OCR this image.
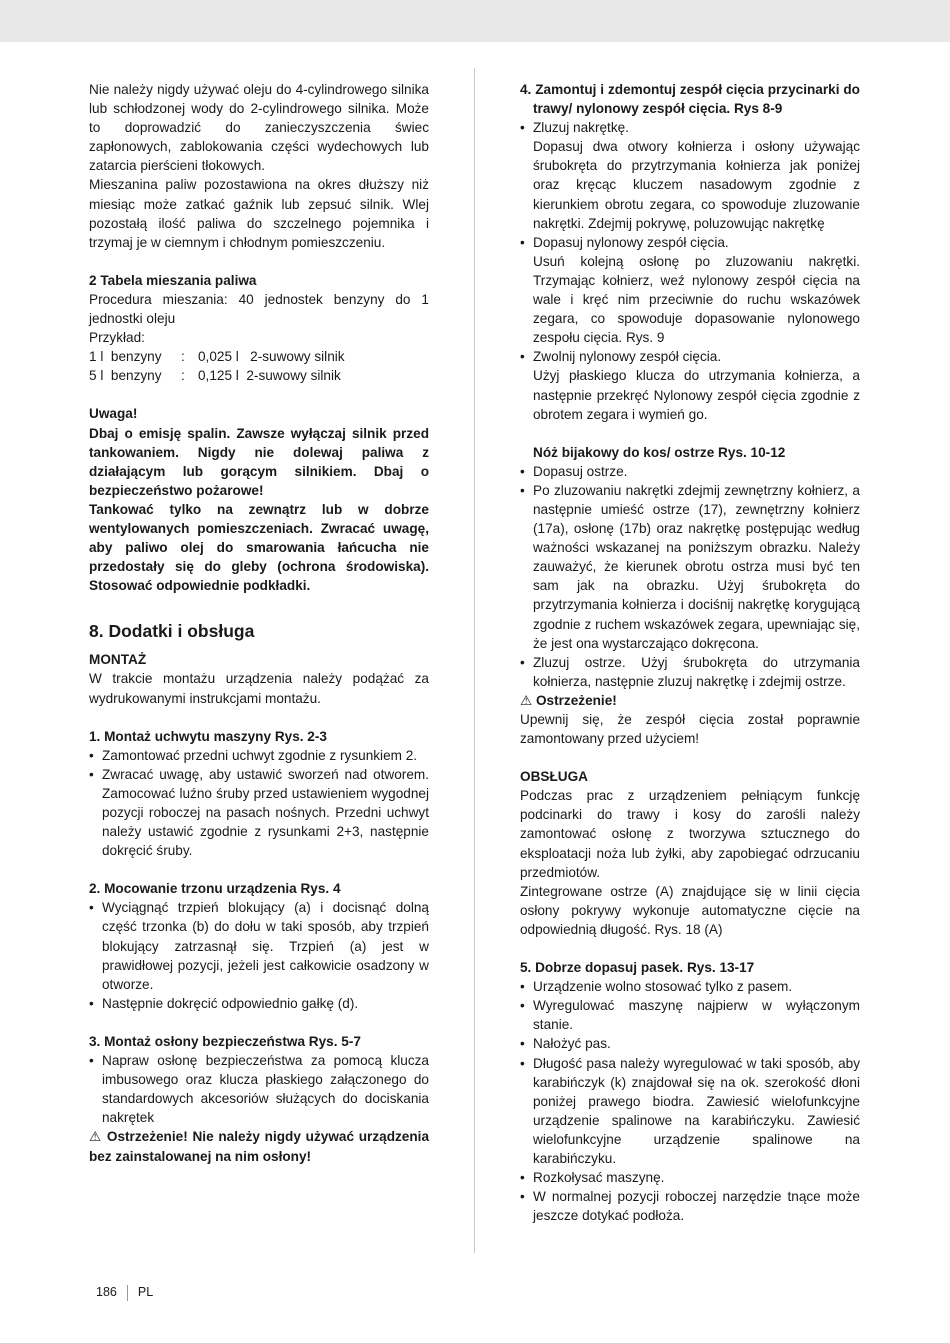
Nie należy nigdy używać oleju do 4-cylindrowego silnika lub schłodzonej wody do 2-cylindrowego silnika. Może to doprowadzić do zanieczyszczenia świec zapłonowych, zablokowania części wydechowych lub zatarcia pierścieni tłokowych.

Mieszanina paliw pozostawiona na okres dłuższy niż miesiąc może zatkać gaźnik lub zepsuć silnik. Wlej pozostałą ilość paliwa do szczelnego pojemnika i trzymaj je w ciemnym i chłodnym pomieszczeniu.

2 Tabela mieszania paliwa

Procedura mieszania: 40 jednostek benzyny do 1 jednostki oleju

Przykład:

1 l  benzyny	: 0,025 l   2-suwowy silnik
5 l  benzyny	: 0,125 l  2-suwowy silnik

Uwaga!

Dbaj o emisję spalin. Zawsze wyłączaj silnik przed tankowaniem. Nigdy nie dolewaj paliwa z działającym lub gorącym silnikiem. Dbaj o bezpieczeństwo pożarowe!

Tankować tylko na zewnątrz lub w dobrze wentylowanych pomieszczeniach. Zwracać uwagę, aby paliwo olej do smarowania łańcucha nie przedostały się do gleby (ochrona środowiska). Stosować odpowiednie podkładki.

8. Dodatki i obsługa

MONTAŻ

W trakcie montażu urządzenia należy podążać za wydrukowanymi instrukcjami montażu.

1. Montaż uchwytu maszyny Rys. 2-3

• Zamontować przedni uchwyt zgodnie z rysunkiem 2.
• Zwracać uwagę, aby ustawić sworzeń nad otworem. Zamocować luźno śruby przed ustawieniem wygodnej pozycji roboczej na pasach nośnych. Przedni uchwyt należy ustawić zgodnie z rysunkami 2+3, następnie dokręcić śruby.

2. Mocowanie trzonu urządzenia Rys. 4

• Wyciągnąć trzpień blokujący (a) i docisnąć dolną część trzonka (b) do dołu w taki sposób, aby trzpień blokujący zatrzasnął się. Trzpień (a) jest w prawidłowej pozycji, jeżeli jest całkowicie osadzony w otworze.
• Następnie dokręcić odpowiednio gałkę (d).

3. Montaż osłony bezpieczeństwa Rys. 5-7

• Napraw osłonę bezpieczeństwa za pomocą klucza imbusowego oraz klucza płaskiego załączonego do standardowych akcesoriów służących do dociskania nakrętek

⚠ Ostrzeżenie! Nie należy nigdy używać urządzenia bez zainstalowanej na nim osłony!

4. Zamontuj i zdemontuj zespół cięcia przycinarki do trawy/ nylonowy zespół cięcia. Rys 8-9

• Zluzuj nakrętkę.

Dopasuj dwa otwory kołnierza i osłony używając śrubokręta do przytrzymania kołnierza jak poniżej oraz kręcąc kluczem nasadowym zgodnie z kierunkiem obrotu zegara, co spowoduje zluzowanie nakrętki. Zdejmij pokrywę, poluzowując nakrętkę

• Dopasuj nylonowy zespół cięcia.

Usuń kolejną osłonę po zluzowaniu nakrętki. Trzymając kołnierz, weź nylonowy zespół cięcia na wale i kręć nim przeciwnie do ruchu wskazówek zegara, co spowoduje dopasowanie nylonowego zespołu cięcia. Rys. 9

• Zwolnij nylonowy zespół cięcia.

Użyj płaskiego klucza do utrzymania kołnierza, a następnie przekręć Nylonowy zespół cięcia zgodnie z obrotem zegara i wymień go.

Nóż bijakowy do kos/ ostrze Rys. 10-12

• Dopasuj ostrze.
• Po zluzowaniu nakrętki zdejmij zewnętrzny kołnierz, a następnie umieść ostrze (17), zewnętrzny kołnierz (17a), osłonę (17b) oraz nakrętkę postępując według ważności wskazanej na poniższym obrazku. Należy zauważyć, że kierunek obrotu ostrza musi być ten sam jak na obrazku. Użyj śrubokręta do przytrzymania kołnierza i dociśnij nakrętkę korygującą zgodnie z ruchem wskazówek zegara, upewniając się, że jest ona wystarczająco dokręcona.
• Zluzuj ostrze. Użyj śrubokręta do utrzymania kołnierza, następnie zluzuj nakrętkę i zdejmij ostrze.

⚠ Ostrzeżenie!

Upewnij się, że zespół cięcia został poprawnie zamontowany przed użyciem!

OBSŁUGA

Podczas prac z urządzeniem pełniącym funkcję podcinarki do trawy i kosy do zarośli należy zamontować osłonę z tworzywa sztucznego do eksploatacji noża lub żyłki, aby zapobiegać odrzucaniu przedmiotów.

Zintegrowane ostrze (A) znajdujące się w linii cięcia osłony pokrywy wykonuje automatyczne cięcie na odpowiednią długość. Rys. 18 (A)

5. Dobrze dopasuj pasek. Rys. 13-17

• Urządzenie wolno stosować tylko z pasem.
• Wyregulować maszynę najpierw w wyłączonym stanie.
• Nałożyć pas.
• Długość pasa należy wyregulować w taki sposób, aby karabińczyk (k) znajdował się na ok. szerokość dłoni poniżej prawego biodra. Zawiesić wielofunkcyjne urządzenie spalinowe na karabińczyku. Zawiesić wielofunkcyjne urządzenie spalinowe na karabińczyku.
• Rozkołysać maszynę.
• W normalnej pozycji roboczej narzędzie tnące może jeszcze dotykać podłoża.
186 PL
